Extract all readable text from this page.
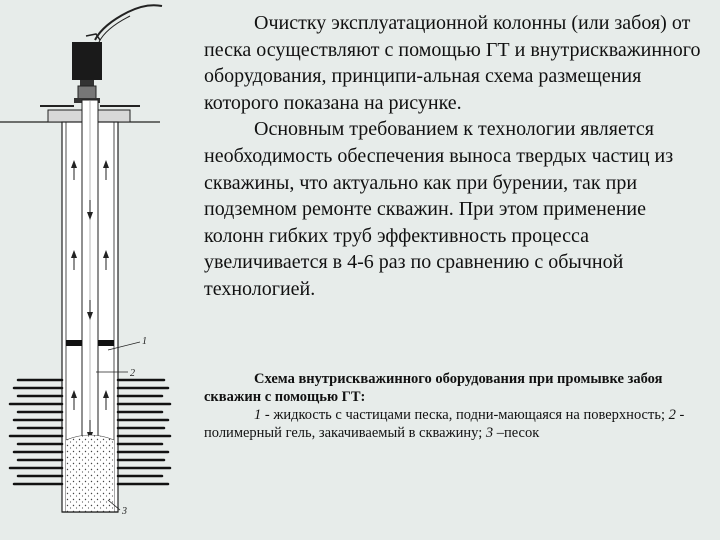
1
2
3

Очистку эксплуатационной колонны (или забоя) от песка осуществляют с помощью ГТ и внутрискважинного оборудования, принципи-альная схема размещения которого показана на рисунке.

Основным требованием к технологии является необходимость обеспечения выноса твердых частиц из скважины, что актуально как при бурении, так при подземном ремонте скважин. При этом применение колонн гибких труб эффективность процесса увеличивается в 4-6 раз по сравнению с обычной технологией.

Схема внутрискважинного оборудования при промывке забоя скважин с помощью ГТ:

1 - жидкость с частицами песка, подни-мающаяся на поверхность; 2 - полимерный гель, закачиваемый в скважину; 3 –песок
